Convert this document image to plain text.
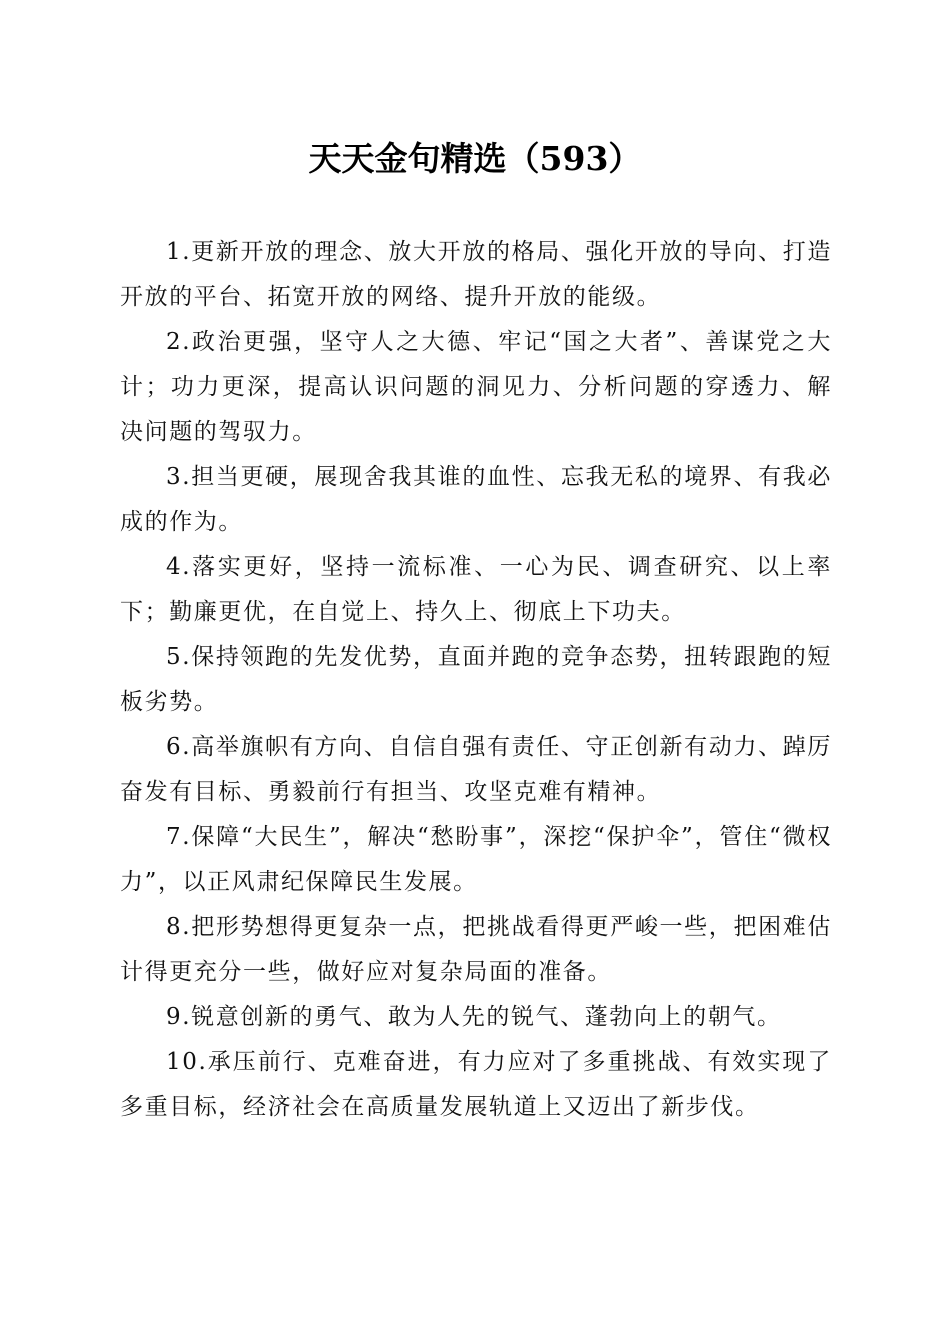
天天金句精选（593）

1.更新开放的理念、放大开放的格局、强化开放的导向、打造开放的平台、拓宽开放的网络、提升开放的能级。

2.政治更强，坚守人之大德、牢记“国之大者”、善谋党之大计；功力更深，提高认识问题的洞见力、分析问题的穿透力、解决问题的驾驭力。

3.担当更硬，展现舍我其谁的血性、忘我无私的境界、有我必成的作为。

4.落实更好，坚持一流标准、一心为民、调查研究、以上率下；勤廉更优，在自觉上、持久上、彻底上下功夫。

5.保持领跑的先发优势，直面并跑的竞争态势，扭转跟跑的短板劣势。

6.高举旗帜有方向、自信自强有责任、守正创新有动力、踔厉奋发有目标、勇毅前行有担当、攻坚克难有精神。

7.保障“大民生”，解决“愁盼事”，深挖“保护伞”，管住“微权力”，以正风肃纪保障民生发展。

8.把形势想得更复杂一点，把挑战看得更严峻一些，把困难估计得更充分一些，做好应对复杂局面的准备。

9.锐意创新的勇气、敢为人先的锐气、蓬勃向上的朝气。

10.承压前行、克难奋进，有力应对了多重挑战、有效实现了多重目标，经济社会在高质量发展轨道上又迈出了新步伐。
